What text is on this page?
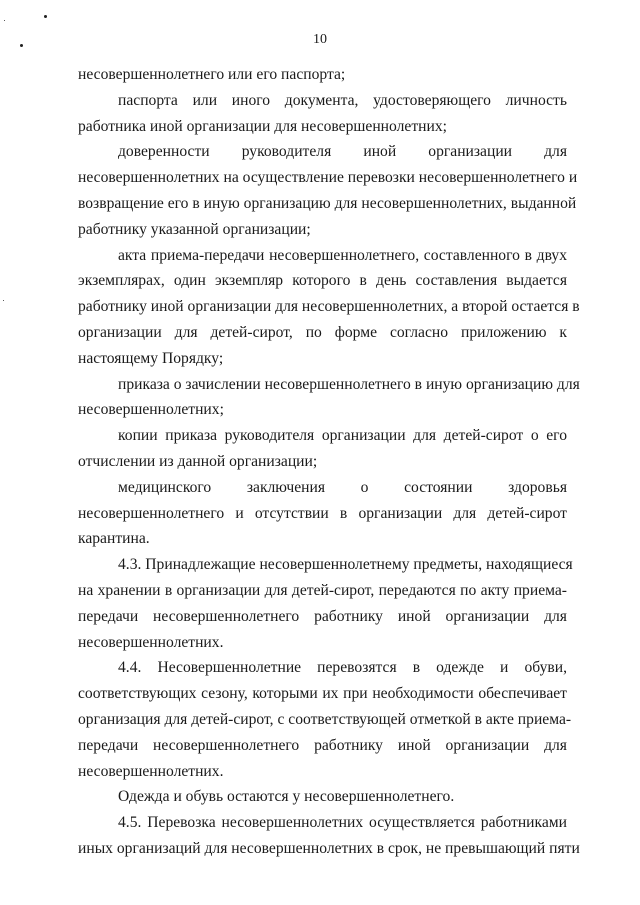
10
несовершеннолетнего или его паспорта;
паспорта или иного документа, удостоверяющего личность
работника иной организации для несовершеннолетних;
доверенности руководителя иной организации для
несовершеннолетних на осуществление перевозки несовершеннолетнего и
возвращение его в иную организацию для несовершеннолетних, выданной
работнику указанной организации;
акта приема-передачи несовершеннолетнего, составленного в двух
экземплярах, один экземпляр которого в день составления выдается
работнику иной организации для несовершеннолетних, а второй остается в
организации для детей-сирот, по форме согласно приложению к
настоящему Порядку;
приказа о зачислении несовершеннолетнего в иную организацию для
несовершеннолетних;
копии приказа руководителя организации для детей-сирот о его
отчислении из данной организации;
медицинского заключения о состоянии здоровья
несовершеннолетнего и отсутствии в организации для детей-сирот
карантина.
4.3. Принадлежащие несовершеннолетнему предметы, находящиеся
на хранении в организации для детей-сирот, передаются по акту приема-
передачи несовершеннолетнего работнику иной организации для
несовершеннолетних.
4.4. Несовершеннолетние перевозятся в одежде и обуви,
соответствующих сезону, которыми их при необходимости обеспечивает
организация для детей-сирот, с соответствующей отметкой в акте приема-
передачи несовершеннолетнего работнику иной организации для
несовершеннолетних.
Одежда и обувь остаются у несовершеннолетнего.
4.5. Перевозка несовершеннолетних осуществляется работниками
иных организаций для несовершеннолетних в срок, не превышающий пяти
